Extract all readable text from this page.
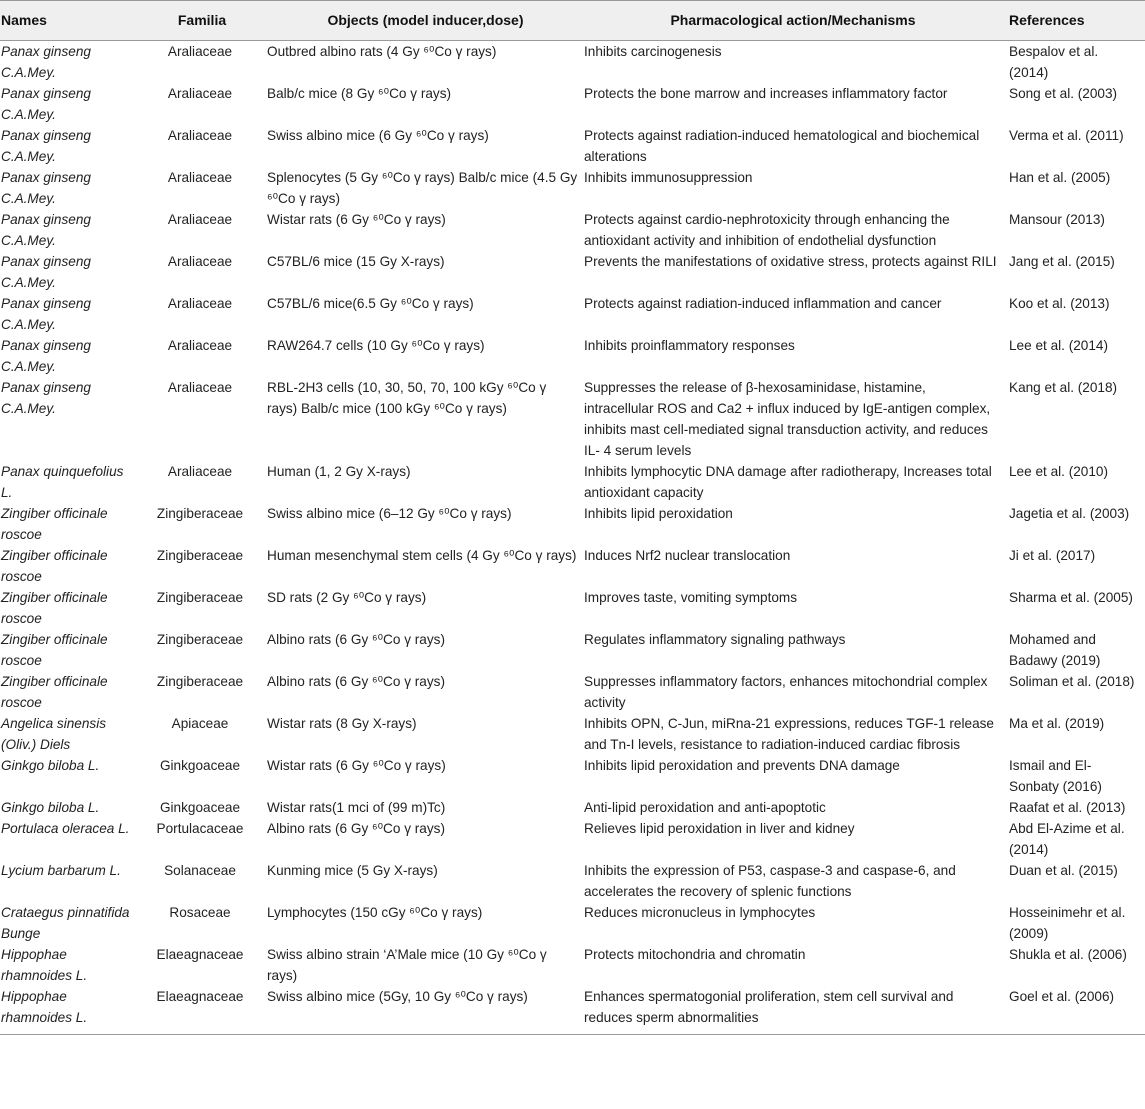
Names	Familia	Objects (model inducer,dose)	Pharmacological action/Mechanisms	References
Panax ginseng C.A.Mey.	Araliaceae	Outbred albino rats (4 Gy ⁶⁰Co γ rays)	Inhibits carcinogenesis	Bespalov et al. (2014)
Panax ginseng C.A.Mey.	Araliaceae	Balb/c mice (8 Gy ⁶⁰Co γ rays)	Protects the bone marrow and increases inflammatory factor	Song et al. (2003)
Panax ginseng C.A.Mey.	Araliaceae	Swiss albino mice (6 Gy ⁶⁰Co γ rays)	Protects against radiation-induced hematological and biochemical alterations	Verma et al. (2011)
Panax ginseng C.A.Mey.	Araliaceae	Splenocytes (5 Gy ⁶⁰Co γ rays) Balb/c mice (4.5 Gy ⁶⁰Co γ rays)	Inhibits immunosuppression	Han et al. (2005)
Panax ginseng C.A.Mey.	Araliaceae	Wistar rats (6 Gy ⁶⁰Co γ rays)	Protects against cardio-nephrotoxicity through enhancing the antioxidant activity and inhibition of endothelial dysfunction	Mansour (2013)
Panax ginseng C.A.Mey.	Araliaceae	C57BL/6 mice (15 Gy X-rays)	Prevents the manifestations of oxidative stress, protects against RILI	Jang et al. (2015)
Panax ginseng C.A.Mey.	Araliaceae	C57BL/6 mice(6.5 Gy ⁶⁰Co γ rays)	Protects against radiation-induced inflammation and cancer	Koo et al. (2013)
Panax ginseng C.A.Mey.	Araliaceae	RAW264.7 cells (10 Gy ⁶⁰Co γ rays)	Inhibits proinflammatory responses	Lee et al. (2014)
Panax ginseng C.A.Mey.	Araliaceae	RBL-2H3 cells (10, 30, 50, 70, 100 kGy ⁶⁰Co γ rays) Balb/c mice (100 kGy ⁶⁰Co γ rays)	Suppresses the release of β-hexosaminidase, histamine, intracellular ROS and Ca2 + influx induced by IgE-antigen complex, inhibits mast cell-mediated signal transduction activity, and reduces IL- 4 serum levels	Kang et al. (2018)
Panax quinquefolius L.	Araliaceae	Human (1, 2 Gy X-rays)	Inhibits lymphocytic DNA damage after radiotherapy, Increases total antioxidant capacity	Lee et al. (2010)
Zingiber officinale roscoe	Zingiberaceae	Swiss albino mice (6–12 Gy ⁶⁰Co γ rays)	Inhibits lipid peroxidation	Jagetia et al. (2003)
Zingiber officinale roscoe	Zingiberaceae	Human mesenchymal stem cells (4 Gy ⁶⁰Co γ rays)	Induces Nrf2 nuclear translocation	Ji et al. (2017)
Zingiber officinale roscoe	Zingiberaceae	SD rats (2 Gy ⁶⁰Co γ rays)	Improves taste, vomiting symptoms	Sharma et al. (2005)
Zingiber officinale roscoe	Zingiberaceae	Albino rats (6 Gy ⁶⁰Co γ rays)	Regulates inflammatory signaling pathways	Mohamed and Badawy (2019)
Zingiber officinale roscoe	Zingiberaceae	Albino rats (6 Gy ⁶⁰Co γ rays)	Suppresses inflammatory factors, enhances mitochondrial complex activity	Soliman et al. (2018)
Angelica sinensis (Oliv.) Diels	Apiaceae	Wistar rats (8 Gy X-rays)	Inhibits OPN, C-Jun, miRna-21 expressions, reduces TGF-1 release and Tn-I levels, resistance to radiation-induced cardiac fibrosis	Ma et al. (2019)
Ginkgo biloba L.	Ginkgoaceae	Wistar rats (6 Gy ⁶⁰Co γ rays)	Inhibits lipid peroxidation and prevents DNA damage	Ismail and El-Sonbaty (2016)
Ginkgo biloba L.	Ginkgoaceae	Wistar rats(1 mci of (99 m)Tc)	Anti-lipid peroxidation and anti-apoptotic	Raafat et al. (2013)
Portulaca oleracea L.	Portulacaceae	Albino rats (6 Gy ⁶⁰Co γ rays)	Relieves lipid peroxidation in liver and kidney	Abd El-Azime et al. (2014)
Lycium barbarum L.	Solanaceae	Kunming mice (5 Gy X-rays)	Inhibits the expression of P53, caspase-3 and caspase-6, and accelerates the recovery of splenic functions	Duan et al. (2015)
Crataegus pinnatifida Bunge	Rosaceae	Lymphocytes (150 cGy ⁶⁰Co γ rays)	Reduces micronucleus in lymphocytes	Hosseinimehr et al. (2009)
Hippophae rhamnoides L.	Elaeagnaceae	Swiss albino strain ‘A’Male mice (10 Gy ⁶⁰Co γ rays)	Protects mitochondria and chromatin	Shukla et al. (2006)
Hippophae rhamnoides L.	Elaeagnaceae	Swiss albino mice (5Gy, 10 Gy ⁶⁰Co γ rays)	Enhances spermatogonial proliferation, stem cell survival and reduces sperm abnormalities	Goel et al. (2006)
